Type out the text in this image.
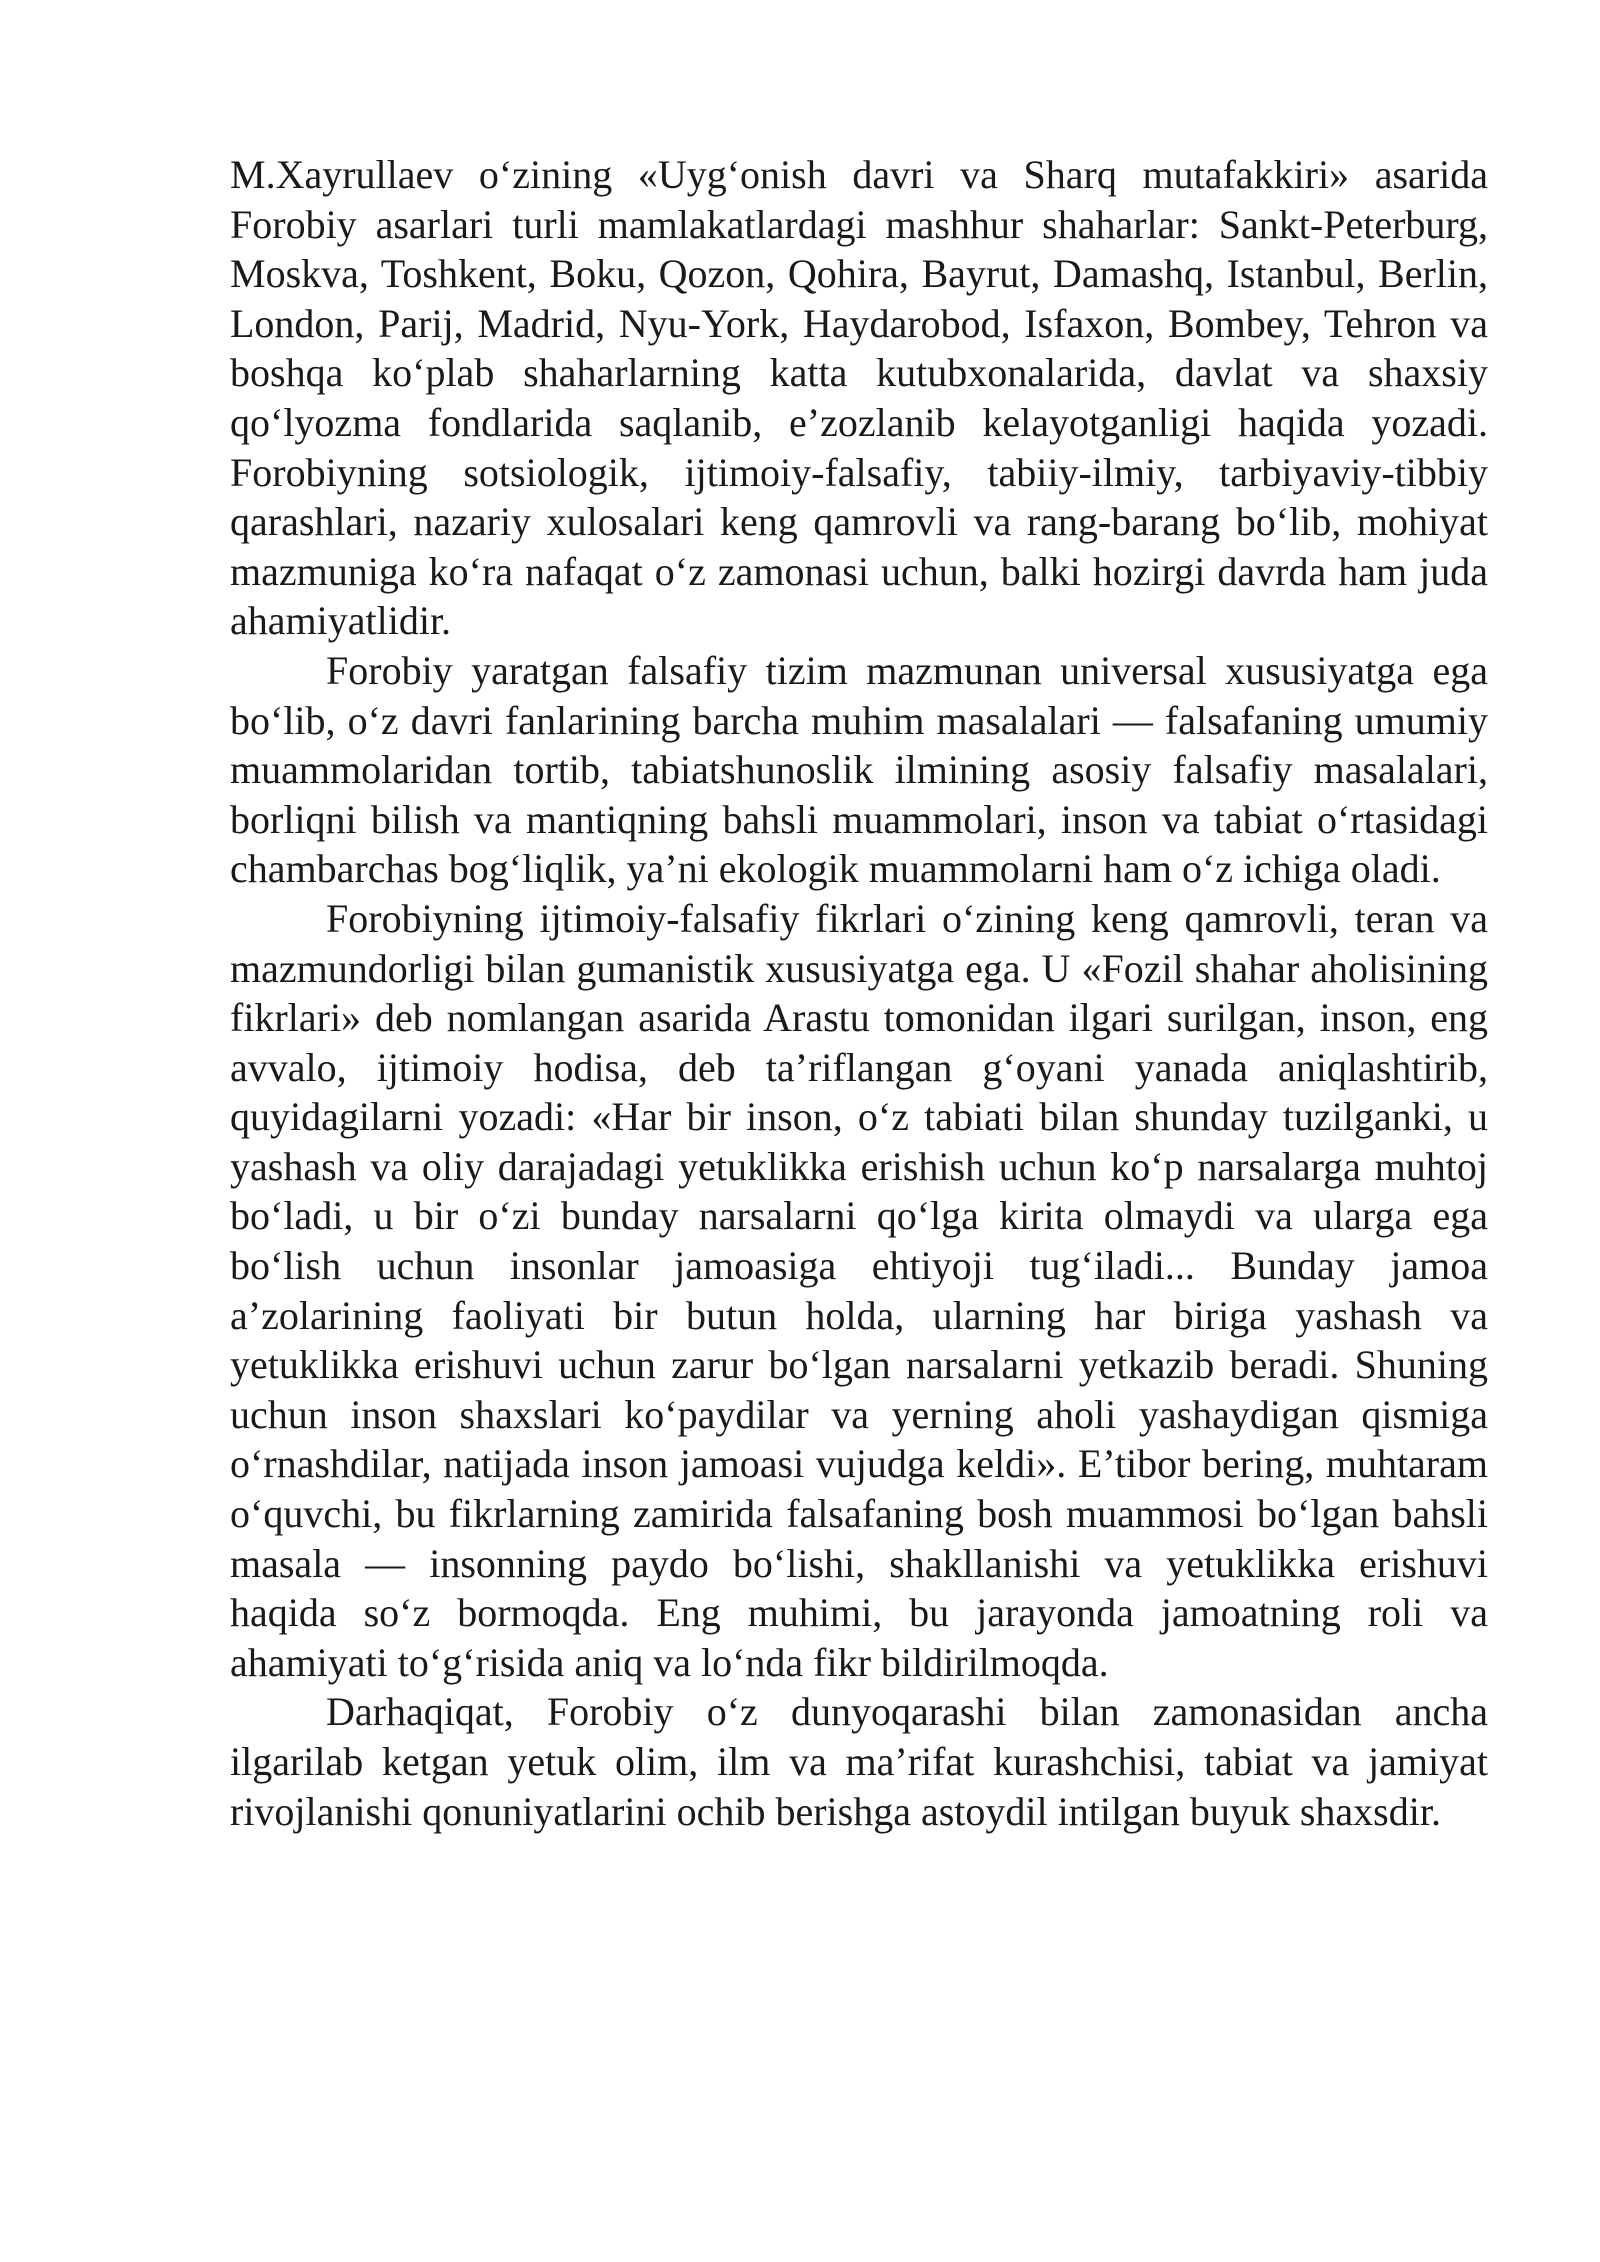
M.Xayrullaev o‘zining «Uyg‘onish davri va Sharq mutafakkiri» asarida Forobiy asarlari turli mamlakatlardagi mashhur shaharlar: Sankt-Peterburg, Moskva, Toshkent, Boku, Qozon, Qohira, Bayrut, Damashq, Istanbul, Berlin, London, Parij, Madrid, Nyu-York, Haydarobod, Isfaxon, Bombey, Tehron va boshqa ko‘plab shaharlarning katta kutubxonalarida, davlat va shaxsiy qo‘lyozma fondlarida saqlanib, e’zozlanib kelayotganligi haqida yozadi. Forobiyning sotsiologik, ijtimoiy-falsafiy, tabiiy-ilmiy, tarbiyaviy-tibbiy qarashlari, nazariy xulosalari keng qamrovli va rang-barang bo‘lib, mohiyat mazmuniga ko‘ra nafaqat o‘z zamonasi uchun, balki hozirgi davrda ham juda ahamiyatlidir.

Forobiy yaratgan falsafiy tizim mazmunan universal xususiyatga ega bo‘lib, o‘z davri fanlarining barcha muhim masalalari — falsafaning umumiy muammolaridan tortib, tabiatshunoslik ilmining asosiy falsafiy masalalari, borliqni bilish va mantiqning bahsli muammolari, inson va tabiat o‘rtasidagi chambarchas bog‘liqlik, ya’ni ekologik muammolarni ham o‘z ichiga oladi.

Forobiyning ijtimoiy-falsafiy fikrlari o‘zining keng qamrovli, teran va mazmundorligi bilan gumanistik xususiyatga ega. U «Fozil shahar aholisining fikrlari» deb nomlangan asarida Arastu tomonidan ilgari surilgan, inson, eng avvalo, ijtimoiy hodisa, deb ta’riflangan g‘oyani yanada aniqlashtirib, quyidagilarni yozadi: «Har bir inson, o‘z tabiati bilan shunday tuzilganki, u yashash va oliy darajadagi yetuklikka erishish uchun ko‘p narsalarga muhtoj bo‘ladi, u bir o‘zi bunday narsalarni qo‘lga kirita olmaydi va ularga ega bo‘lish uchun insonlar jamoasiga ehtiyoji tug‘iladi... Bunday jamoa a’zolarining faoliyati bir butun holda, ularning har biriga yashash va yetuklikka erishuvi uchun zarur bo‘lgan narsalarni yetkazib beradi. Shuning uchun inson shaxslari ko‘paydilar va yerning aholi yashaydigan qismiga o‘rnashdilar, natijada inson jamoasi vujudga keldi». E’tibor bering, muhtaram o‘quvchi, bu fikrlarning zamirida falsafaning bosh muammosi bo‘lgan bahsli masala — insonning paydo bo‘lishi, shakllanishi va yetuklikka erishuvi haqida so‘z bormoqda. Eng muhimi, bu jarayonda jamoatning roli va ahamiyati to‘g‘risida aniq va lo‘nda fikr bildirilmoqda.

Darhaqiqat, Forobiy o‘z dunyoqarashi bilan zamonasidan ancha ilgarilab ketgan yetuk olim, ilm va ma’rifat kurashchisi, tabiat va jamiyat rivojlanishi qonuniyatlarini ochib berishga astoydil intilgan buyuk shaxsdir.
